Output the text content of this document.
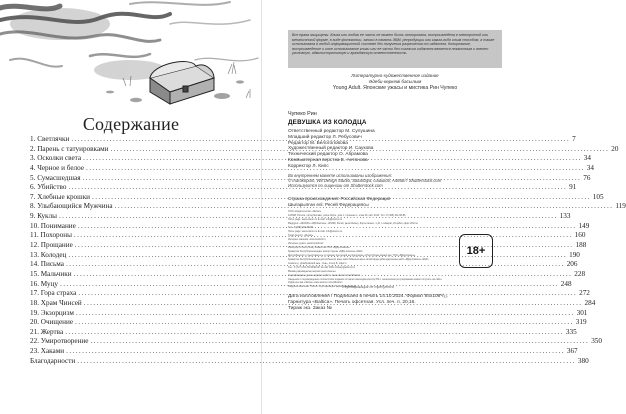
Содержание
1. Светлячки .....	7
2. Парень с татуировками .....	20
3. Осколки света .....	34
4. Черное и белое .....	34
5. Сумасшедшая .....	76
6. Убийство .....	91
7. Хлебные крошки .....	105
8. Улыбающийся Мужчина .....	119
9. Куклы .....	133
10. Понимание .....	149
11. Похороны .....	160
12. Прощание .....	188
13. Колодец .....	190
14. Письма .....	206
15. Мальчики .....	228
16. Муцу .....	248
17. Гора страха .....	272
18. Храм Чинсей .....	284
19. Экзорцизм .....	301
20. Очищение .....	319
21. Жертва .....	335
22. Умиротворение .....	350
23. Хаками .....	367
Благодарности .....	380
Все права защищены. Книга или любая ее часть не может быть скопирована, воспроизведена в электронной или механической форме, в виде фотокопии, записи в память ЭВМ, репродукции или каким-либо иным способом, а также использована в любой информационной системе без получения разрешения от издателя. Копирование, воспроизведение и иное использование книги или ее части без согласия издателя является незаконным и влечет уголовную, административную и гражданскую ответственность.
Литературно-художественное издание
Әдеби-көркемі басылым
Young Adult. Японские ужасы и мистика Рин Чупеко
Чупеко Рин
ДЕВУШКА ИЗ КОЛОДЦА
Ответственный редактор М. Сулушина
Младший редактор Л. Ребусович
Редактор М. Белоголовова
Художественный редактор И. Саукова
Технический редактор О. Абрамова
Компьютерная верстка Е. Антонова
Корректор Л. Кипс
Во внутреннем макете использованы изображения:
© marukopum, Wit Design Studio, Saturitaya, cuiuiuioti, ArtMari / Shutterstock.com
Используются по лицензии от Shutterstock.com
Страна происхождения: Российская Федерация
Шығарылған елі: Ресей Федерациясы

ООО «Издательство «Эксмо»

123308, Россия, город Москва, улица Зорге, дом 1, строение 1, этаж 20, каб. 2013. Тел.: 8 (495) 411-68-86.

Home page: www.eksmo.ru E-mail: info@eksmo.ru

Өндіруші: «ЭКСМО» АҚБ Баспасы, 123308, Ресей, қала Мәскеу, Зорге көшесі, 1 үй, 1 ғимарат, 20 қабат, офис 2013 ж.

Тел.: 8 (495) 411-68-86.

Home page: www.eksmo.ru E-mail: info@eksmo.ru.

Тауар белгісі: «Эксмо»

Интернет-магазин: www.book24.ru

Интернет-дүкен: www.book24.kz

Импортёр в Республику Казахстан ТОО «РДЦ-Алматы».

Қазақстан Республикасындағы импорттаушы «РДЦ-Алматы» ЖШС.

Дистрибьютор и представитель по приему претензий на продукцию, в Республике Казахстан: ТОО «РДЦ-Алматы»

Қазақстан Республикасында дистрибьютор және өнім бойынша арыз-талаптарды қабылдаушының өкілі «РДЦ-Алматы» ЖШС,

Алматы қ., Домбровский көш., 3«а», литер Б, офис 1.

Тел.: 8 (727) 251-59-90/91/92; E-mail: RDC-Almaty@eksmo.kz

Өнімнің жарамдылық мерзімі шектелмеген.

Сертификация туралы ақпарат сайтта: www.eksmo.ru/certification

Сведения о подтверждении соответствия издания согласно законодательству РФ о техническом регулировании можно получить на сайте Издательства «Эксмо» www.eksmo.ru/certification

Өндірген мемлекет: Ресей. Сертификация қарастырылмаған

18+
Сертификация не требуется
Дата изготовления / Подписано в печать 14.10.2024. Формат 84x108¹/₃₂.
Гарнитура «Baltica». Печать офсетная. Усл. печ. л. 20,16.
Тираж экз. Заказ №
